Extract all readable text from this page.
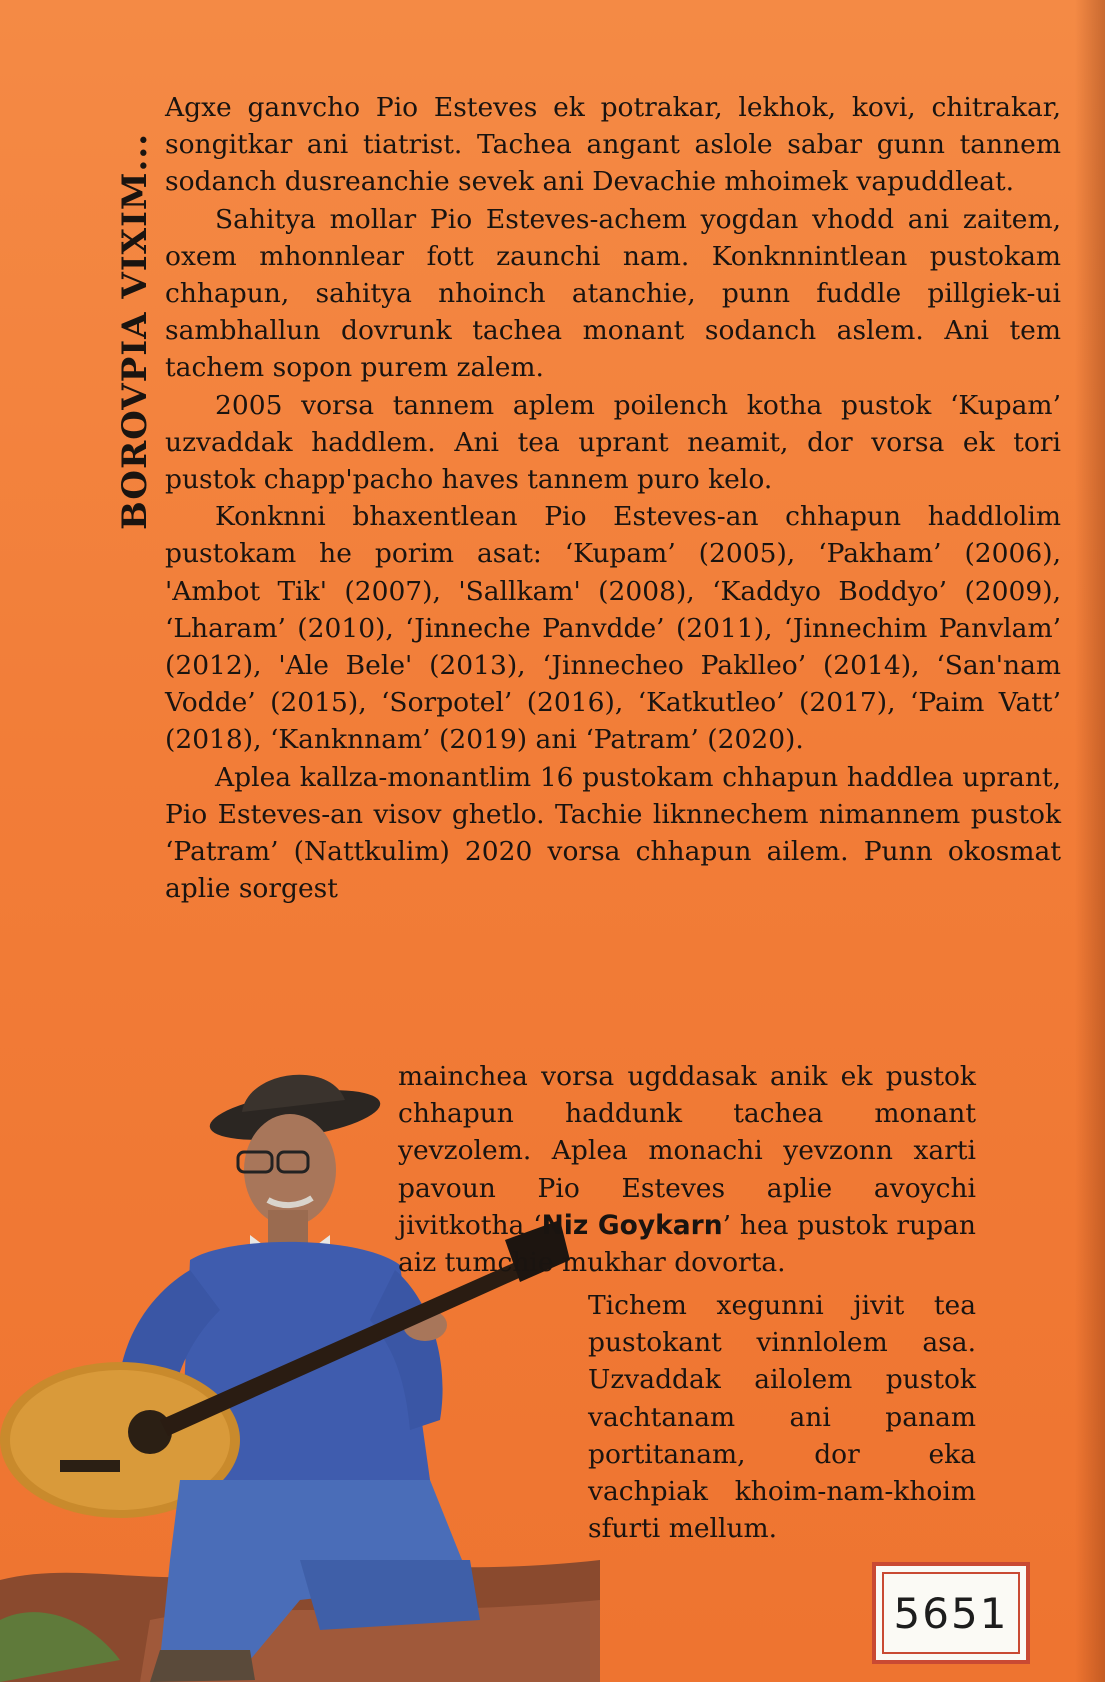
BOROVPIA VIXIM...

Agxe ganvcho Pio Esteves ek potrakar, lekhok, kovi, chitrakar, songitkar ani tiatrist. Tachea angant aslole sabar gunn tannem sodanch dusreanchie sevek ani Devachie mhoimek vapuddleat.

Sahitya mollar Pio Esteves-achem yogdan vhodd ani zaitem, oxem mhonnlear fott zaunchi nam. Konknnintlean pustokam chhapun, sahitya nhoinch atanchie, punn fuddle pillgiek-ui sambhallun dovrunk tachea monant sodanch aslem. Ani tem tachem sopon purem zalem.

2005 vorsa tannem aplem poilench kotha pustok ‘Kupam’ uzvaddak haddlem. Ani tea uprant neamit, dor vorsa ek tori pustok chapp'pacho haves tannem puro kelo.

Konknni bhaxentlean Pio Esteves-an chhapun haddlolim pustokam he porim asat: ‘Kupam’ (2005), ‘Pakham’ (2006), 'Ambot Tik' (2007), 'Sallkam' (2008), ‘Kaddyo Boddyo’ (2009), ‘Lharam’ (2010), ‘Jinneche Panvdde’ (2011), ‘Jinnechim Panvlam’ (2012), 'Ale Bele' (2013), ‘Jinnecheo Paklleo’ (2014), ‘San'nam Vodde’ (2015), ‘Sorpotel’ (2016), ‘Katkutleo’ (2017), ‘Paim Vatt’ (2018), ‘Kanknnam’ (2019) ani ‘Patram’ (2020).

Aplea kallza-monantlim 16 pustokam chhapun haddlea uprant, Pio Esteves-an visov ghetlo. Tachie liknnechem nimannem pustok ‘Patram’ (Nattkulim) 2020 vorsa chhapun ailem. Punn okosmat aplie sorgest

mainchea vorsa ugddasak anik ek pustok chhapun haddunk tachea monant yevzolem. Aplea monachi yevzonn xarti pavoun Pio Esteves aplie avoychi jivitkotha ‘Niz Goykarn’ hea pustok rupan aiz tumchie mukhar dovorta.

Tichem xegunni jivit tea pustokant vinnlolem asa. Uzvaddak ailolem pustok vachtanam ani panam portitanam, dor eka vachpiak khoim-nam-khoim sfurti mellum.

5651
